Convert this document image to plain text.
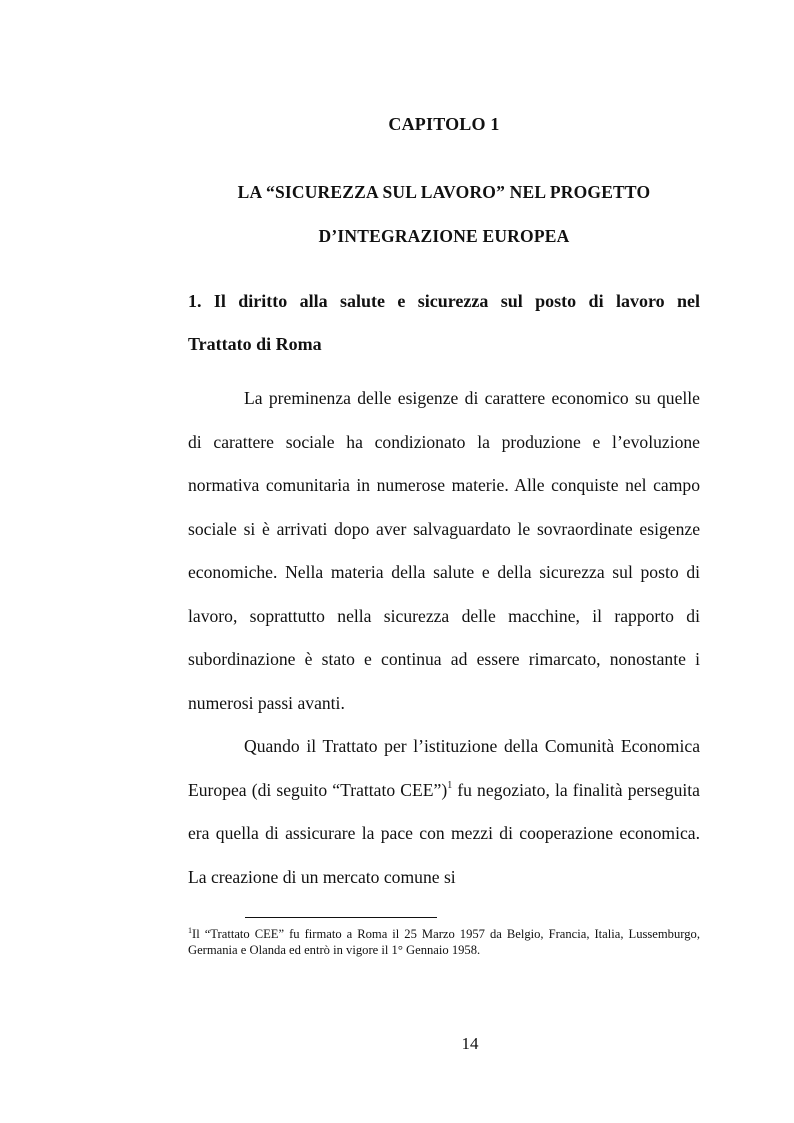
CAPITOLO 1
LA “SICUREZZA SUL LAVORO” NEL PROGETTO
D’INTEGRAZIONE EUROPEA
1. Il diritto alla salute e sicurezza sul posto di lavoro nel
Trattato di Roma

La preminenza delle esigenze di carattere economico su quelle di carattere sociale ha condizionato la produzione e l’evoluzione normativa comunitaria in numerose materie. Alle conquiste nel campo sociale si è arrivati dopo aver salvaguardato le sovraordinate esigenze economiche. Nella materia della salute e della sicurezza sul posto di lavoro, soprattutto nella sicurezza delle macchine, il rapporto di subordinazione è stato e continua ad essere rimarcato, nonostante i numerosi passi avanti.

Quando il Trattato per l’istituzione della Comunità Economica Europea (di seguito “Trattato CEE”)$^1$ fu negoziato, la finalità perseguita era quella di assicurare la pace con mezzi di cooperazione economica. La creazione di un mercato comune si

$^1$Il “Trattato CEE” fu firmato a Roma il 25 Marzo 1957 da Belgio, Francia, Italia, Lussemburgo, Germania e Olanda ed entrò in vigore il 1° Gennaio 1958.
14
